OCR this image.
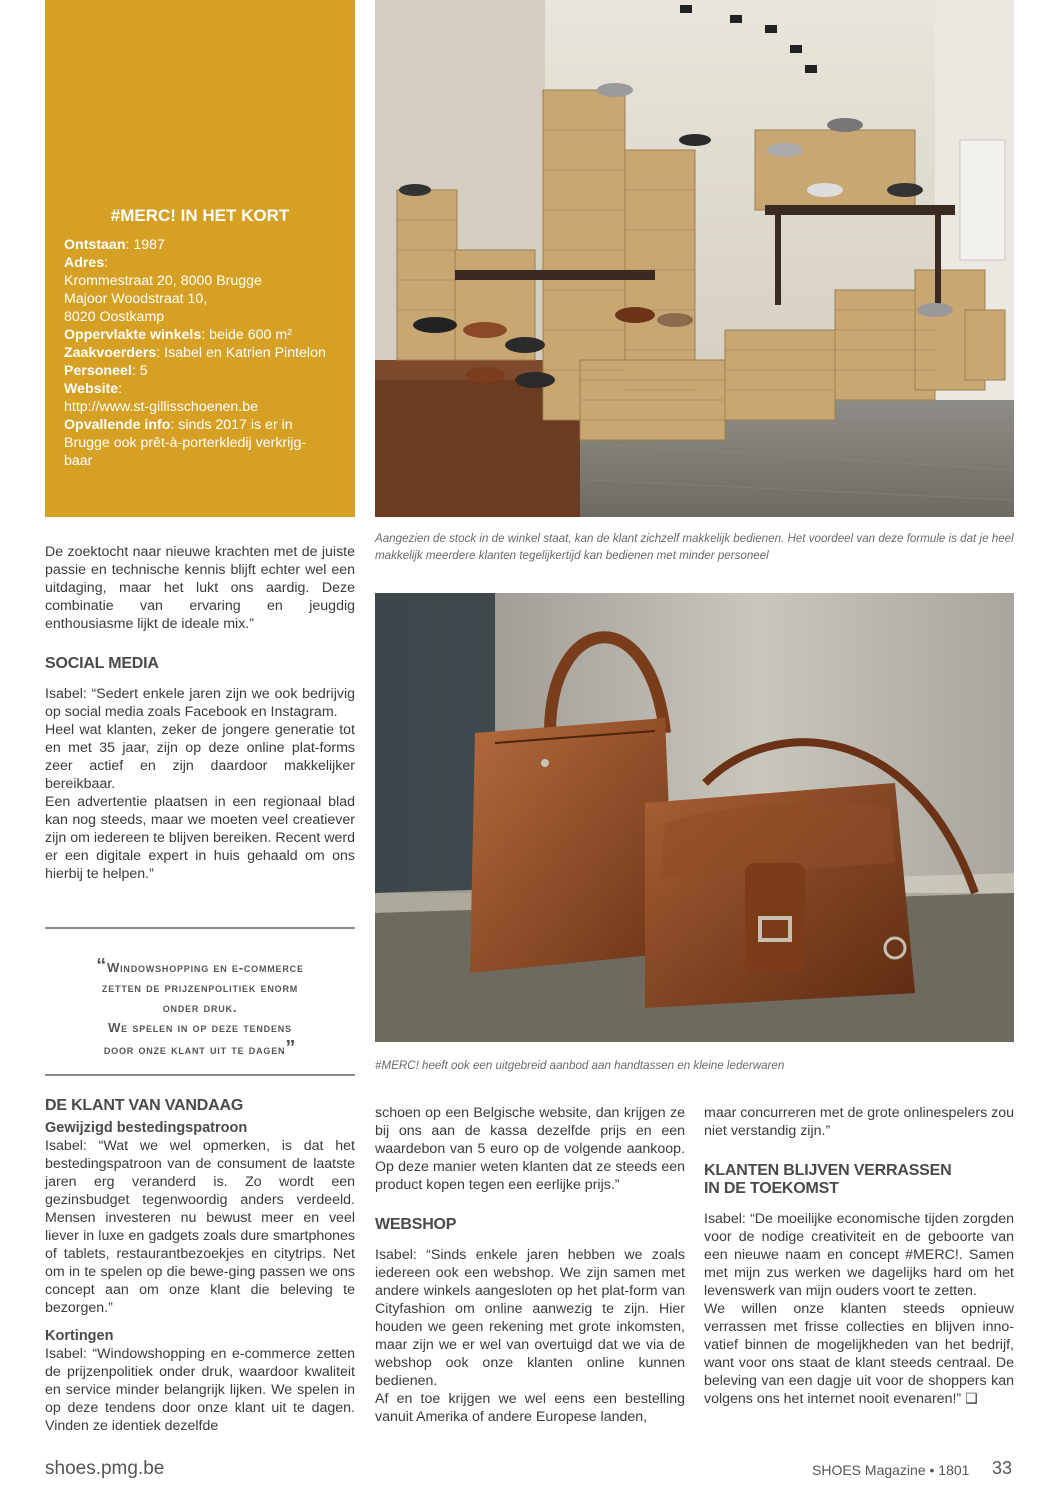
#MERC! IN HET KORT
Ontstaan: 1987
Adres:
Krommestraat 20, 8000 Brugge
Majoor Woodstraat 10,
8020 Oostkamp
Oppervlakte winkels: beide 600 m²
Zaakvoerders: Isabel en Katrien Pintelon
Personeel: 5
Website:
http://www.st-gillisschoenen.be
Opvallende info: sinds 2017 is er in
Brugge ook prêt-à-porterkledij verkrijg-
baar
Aangezien de stock in de winkel staat, kan de klant zichzelf makkelijk bedienen. Het voordeel van deze formule is dat je heel makkelijk meerdere klanten tegelijkertijd kan bedienen met minder personeel
#MERC! heeft ook een uitgebreid aanbod aan handtassen en kleine lederwaren

De zoektocht naar nieuwe krachten met de juiste passie en technische kennis blijft echter wel een uitdaging, maar het lukt ons aardig. Deze combinatie van ervaring en jeugdig enthousiasme lijkt de ideale mix.”

SOCIAL MEDIA

Isabel: “Sedert enkele jaren zijn we ook bedrijvig op social media zoals Facebook en Instagram.

Heel wat klanten, zeker de jongere generatie tot en met 35 jaar, zijn op deze online plat-forms zeer actief en zijn daardoor makkelijker bereikbaar.

Een advertentie plaatsen in een regionaal blad kan nog steeds, maar we moeten veel creatiever zijn om iedereen te blijven bereiken. Recent werd er een digitale expert in huis gehaald om ons hierbij te helpen.”

“Windowshopping en e-commerce
zetten de prijzenpolitiek enorm
onder druk.
We spelen in op deze tendens
door onze klant uit te dagen”
DE KLANT VAN VANDAAG
Gewijzigd bestedingspatroon

Isabel: “Wat we wel opmerken, is dat het bestedingspatroon van de consument de laatste jaren erg veranderd is. Zo wordt een gezinsbudget tegenwoordig anders verdeeld. Mensen investeren nu bewust meer en veel liever in luxe en gadgets zoals dure smartphones of tablets, restaurantbezoekjes en citytrips. Net om in te spelen op die bewe-ging passen we ons concept aan om onze klant die beleving te bezorgen.”

Kortingen

Isabel: “Windowshopping en e-commerce zetten de prijzenpolitiek onder druk, waardoor kwaliteit en service minder belangrijk lijken. We spelen in op deze tendens door onze klant uit te dagen. Vinden ze identiek dezelfde

schoen op een Belgische website, dan krijgen ze bij ons aan de kassa dezelfde prijs en een waardebon van 5 euro op de volgende aankoop. Op deze manier weten klanten dat ze steeds een product kopen tegen een eerlijke prijs.”

WEBSHOP

Isabel: “Sinds enkele jaren hebben we zoals iedereen ook een webshop. We zijn samen met andere winkels aangesloten op het plat-form van Cityfashion om online aanwezig te zijn. Hier houden we geen rekening met grote inkomsten, maar zijn we er wel van overtuigd dat we via de webshop ook onze klanten online kunnen bedienen.

Af en toe krijgen we wel eens een bestelling vanuit Amerika of andere Europese landen,

maar concurreren met de grote onlinespelers zou niet verstandig zijn.”

KLANTEN BLIJVEN VERRASSEN
IN DE TOEKOMST

Isabel: “De moeilijke economische tijden zorgden voor de nodige creativiteit en de geboorte van een nieuwe naam en concept #MERC!. Samen met mijn zus werken we dagelijks hard om het levenswerk van mijn ouders voort te zetten.

We willen onze klanten steeds opnieuw verrassen met frisse collecties en blijven inno-vatief binnen de mogelijkheden van het bedrijf, want voor ons staat de klant steeds centraal. De beleving van een dagje uit voor de shoppers kan volgens ons het internet nooit evenaren!” ❑

shoes.pmg.be	SHOES Magazine • 1801 33
